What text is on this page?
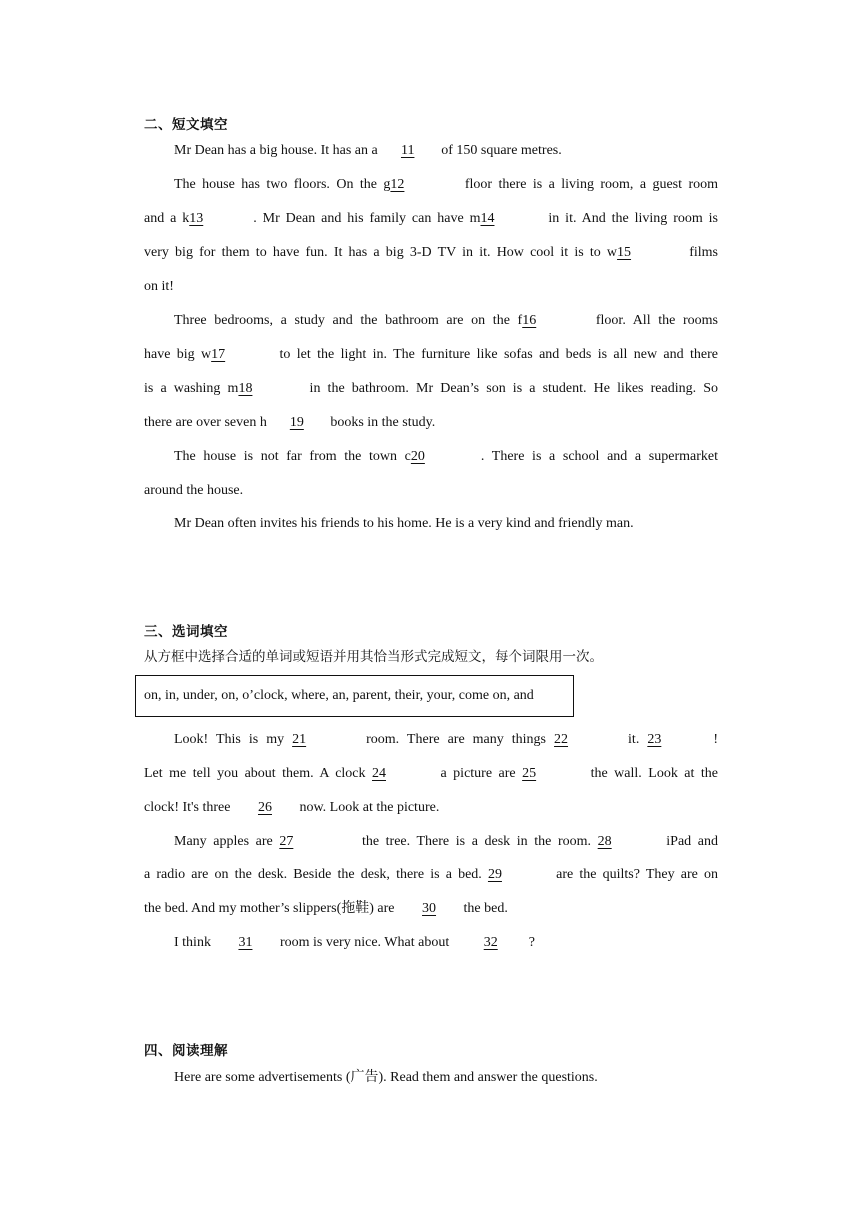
二、短文填空
Mr Dean has a big house. It has an a 11 of 150 square metres.
The house has two floors. On the g12	floor there is a living room, a guest room
and a k13	. Mr Dean and his family can have m14	in it. And the living room is
very big for them to have fun. It has a big 3-D TV in it. How cool it is to w15	films
on it!
Three bedrooms, a study and the bathroom are on the f16	floor. All the rooms
have big w17	to let the light in. The furniture like sofas and beds is all new and there
is a washing m18	in the bathroom. Mr Dean’s son is a student. He likes reading. So
there are over seven h 19 books in the study.
The house is not far from the town c20	. There is a school and a supermarket
around the house.
Mr Dean often invites his friends to his home. He is a very kind and friendly man.
三、选词填空
从方框中选择合适的单词或短语并用其恰当形式完成短文，每个词限用一次。
on, in, under, on, o’clock, where, an, parent, their, your, come on, and
Look! This is my 21	room. There are many things 22	it. 23	!
Let me tell you about them. A clock 24	a picture are 25	the wall. Look at the
clock! It's three 26 now. Look at the picture.
Many apples are 27	the tree. There is a desk in the room. 28	iPad and
a radio are on the desk. Beside the desk, there is a bed. 29	are the quilts? They are on
the bed. And my mother’s slippers(拖鞋) are 30 the bed.
I think 31 room is very nice. What about 32 ?
四、阅读理解
Here are some advertisements (广告). Read them and answer the questions.
